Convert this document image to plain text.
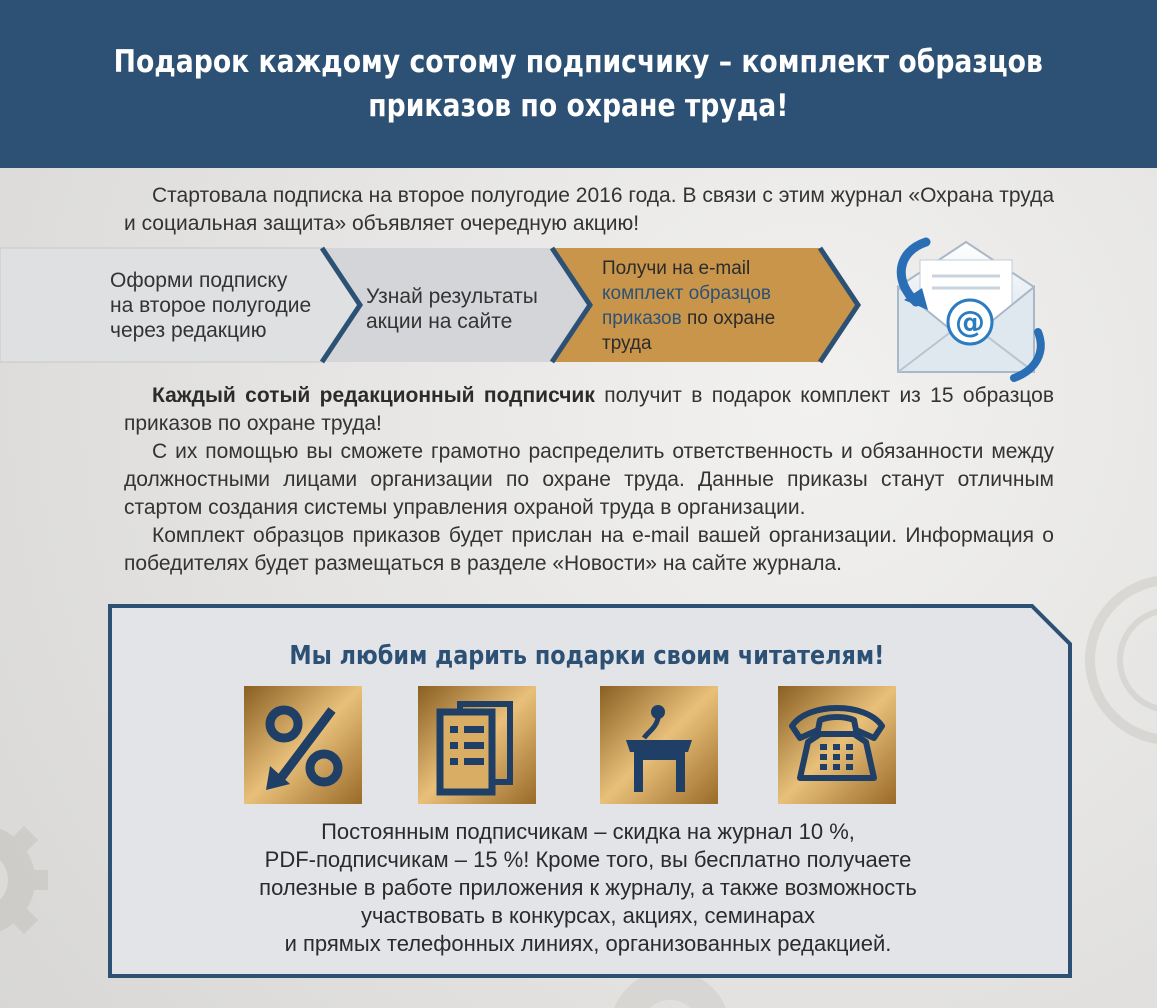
Подарок каждому сотому подписчику – комплект образцов
приказов по охране труда!
Стартовала подписка на второе полугодие 2016 года. В связи с этим журнал «Охрана труда и социальная защита» объявляет очередную акцию!
Оформи подписку
на второе полугодие
через редакцию
Узнай результаты
акции на сайте
Получи на e-mail
комплект образцов
приказов по охране
труда
@

Каждый сотый редакционный подписчик получит в подарок комплект из 15 образцов приказов по охране труда!

С их помощью вы сможете грамотно распределить ответственность и обязанности между должностными лицами организации по охране труда. Данные приказы станут отличным стартом создания системы управления охраной труда в организации.

Комплект образцов приказов будет прислан на e-mail вашей организации. Информация о победителях будет размещаться в разделе «Новости» на сайте журнала.

Мы любим дарить подарки своим читателям!
Постоянным подписчикам – скидка на журнал 10 %,
PDF-подписчикам – 15 %! Кроме того, вы бесплатно получаете
полезные в работе приложения к журналу, а также возможность
участвовать в конкурсах, акциях, семинарах
и прямых телефонных линиях, организованных редакцией.
